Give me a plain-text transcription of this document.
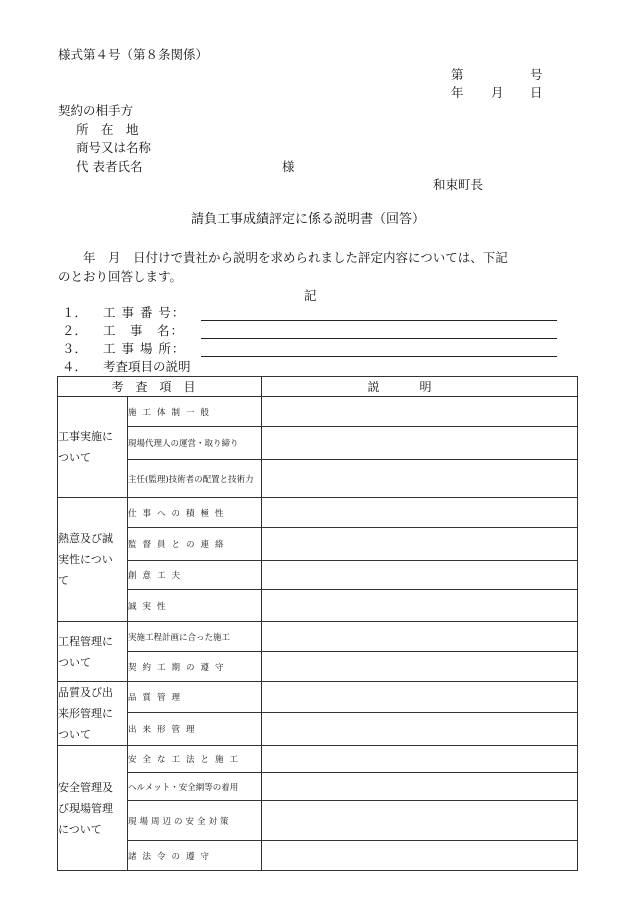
様式第４号（第８条関係）
第	号
年 月 日
契約の相手方
所　在　地
商号又は名称
代 表者氏名	様
和束町長
請負工事成績評定に係る説明書（回答）
　　年　月　日付けで貴社から説明を求められました評定内容については、下記
のとおり回答します。
記
１． 工 事 番 号：
２． 工　事　名：
３． 工 事 場 所：
４． 考査項目の説明
考査項目		説明

工事実施について	施工体制一般	
	現場代理人の運営・取り締り	
	主任(監理)技術者の配置と技術力	

熱意及び誠実性について	仕事への積極性	
	監督員との連絡	
	創意工夫	
	誠実性	

工程管理について	実施工程計画に合った施工	
	契約工期の遵守	

品質及び出来形管理について	品質管理	
	出来形管理	

安全管理及び現場管理について	安全な工法と施工	
	ヘルメット・安全網等の着用	
	現場周辺の安全対策	
	諸法令の遵守	
